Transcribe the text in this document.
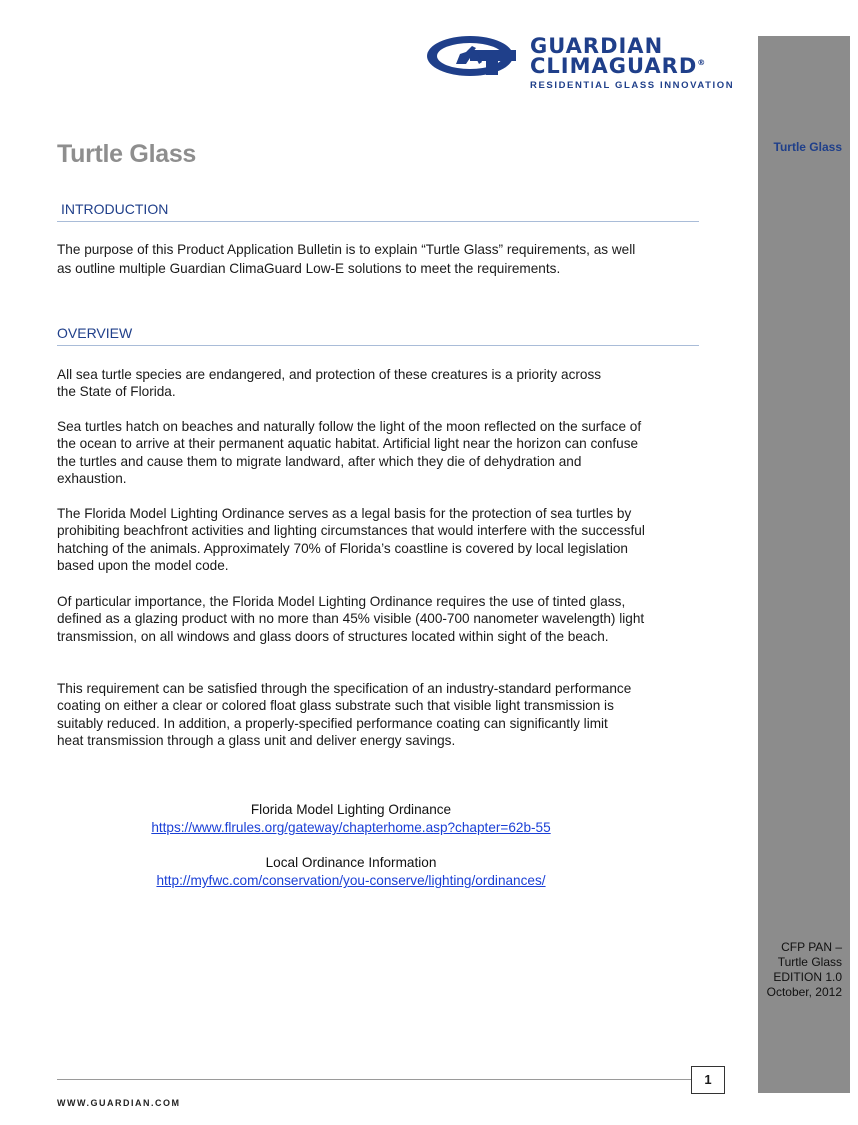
Turtle Glass
GUARDIAN
CLIMAGUARD®
RESIDENTIAL GLASS INNOVATION
Turtle Glass
INTRODUCTION
The purpose of this Product Application Bulletin is to explain “Turtle Glass” requirements, as well as outline multiple Guardian ClimaGuard Low-E solutions to meet the requirements.
OVERVIEW
All sea turtle species are endangered, and protection of these creatures is a priority across the State of Florida.
Sea turtles hatch on beaches and naturally follow the light of the moon reflected on the surface of the ocean to arrive at their permanent aquatic habitat. Artificial light near the horizon can confuse the turtles and cause them to migrate landward, after which they die of dehydration and exhaustion.
The Florida Model Lighting Ordinance serves as a legal basis for the protection of sea turtles by prohibiting beachfront activities and lighting circumstances that would interfere with the successful hatching of the animals. Approximately 70% of Florida’s coastline is covered by local legislation based upon the model code.
Of particular importance, the Florida Model Lighting Ordinance requires the use of tinted glass, defined as a glazing product with no more than 45% visible (400-700 nanometer wavelength) light transmission, on all windows and glass doors of structures located within sight of the beach.
This requirement can be satisfied through the specification of an industry-standard performance coating on either a clear or colored float glass substrate such that visible light transmission is suitably reduced. In addition, a properly-specified performance coating can significantly limit heat transmission through a glass unit and deliver energy savings.
Florida Model Lighting Ordinance
https://www.flrules.org/gateway/chapterhome.asp?chapter=62b-55
Local Ordinance Information
http://myfwc.com/conservation/you-conserve/lighting/ordinances/
CFP PAN –
Turtle Glass
EDITION 1.0
October, 2012
1
WWW.GUARDIAN.COM
